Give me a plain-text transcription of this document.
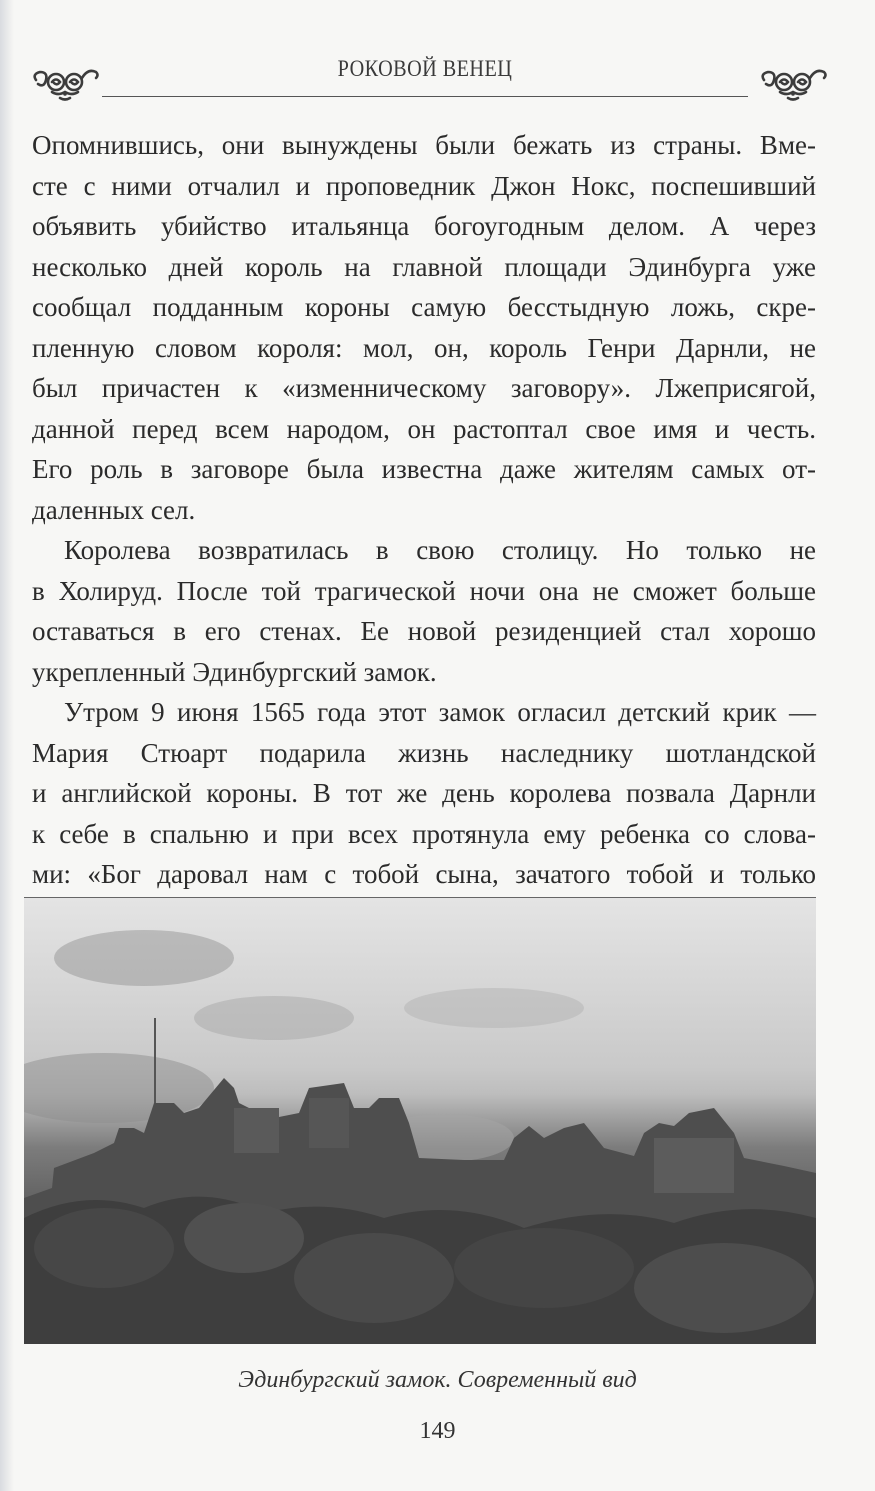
РОКОВОЙ ВЕНЕЦ

Опомнившись, они вынуждены были бежать из страны. Вме-
сте с ними отчалил и проповедник Джон Нокс, поспешивший
объявить убийство итальянца богоугодным делом. А через
несколько дней король на главной площади Эдинбурга уже
сообщал подданным короны самую бесстыдную ложь, скре-
пленную словом короля: мол, он, король Генри Дарнли, не
был причастен к «изменническому заговору». Лжеприсягой,
данной перед всем народом, он растоптал свое имя и честь.
Его роль в заговоре была известна даже жителям самых от-
даленных сел.

Королева возвратилась в свою столицу. Но только не
в Холируд. После той трагической ночи она не сможет больше
оставаться в его стенах. Ее новой резиденцией стал хорошо
укрепленный Эдинбургский замок.

Утром 9 июня 1565 года этот замок огласил детский крик —
Мария Стюарт подарила жизнь наследнику шотландской
и английской короны. В тот же день королева позвала Дарнли
к себе в спальню и при всех протянула ему ребенка со слова-
ми: «Бог даровал нам с тобой сына, зачатого тобой и только

Эдинбургский замок. Современный вид
149
